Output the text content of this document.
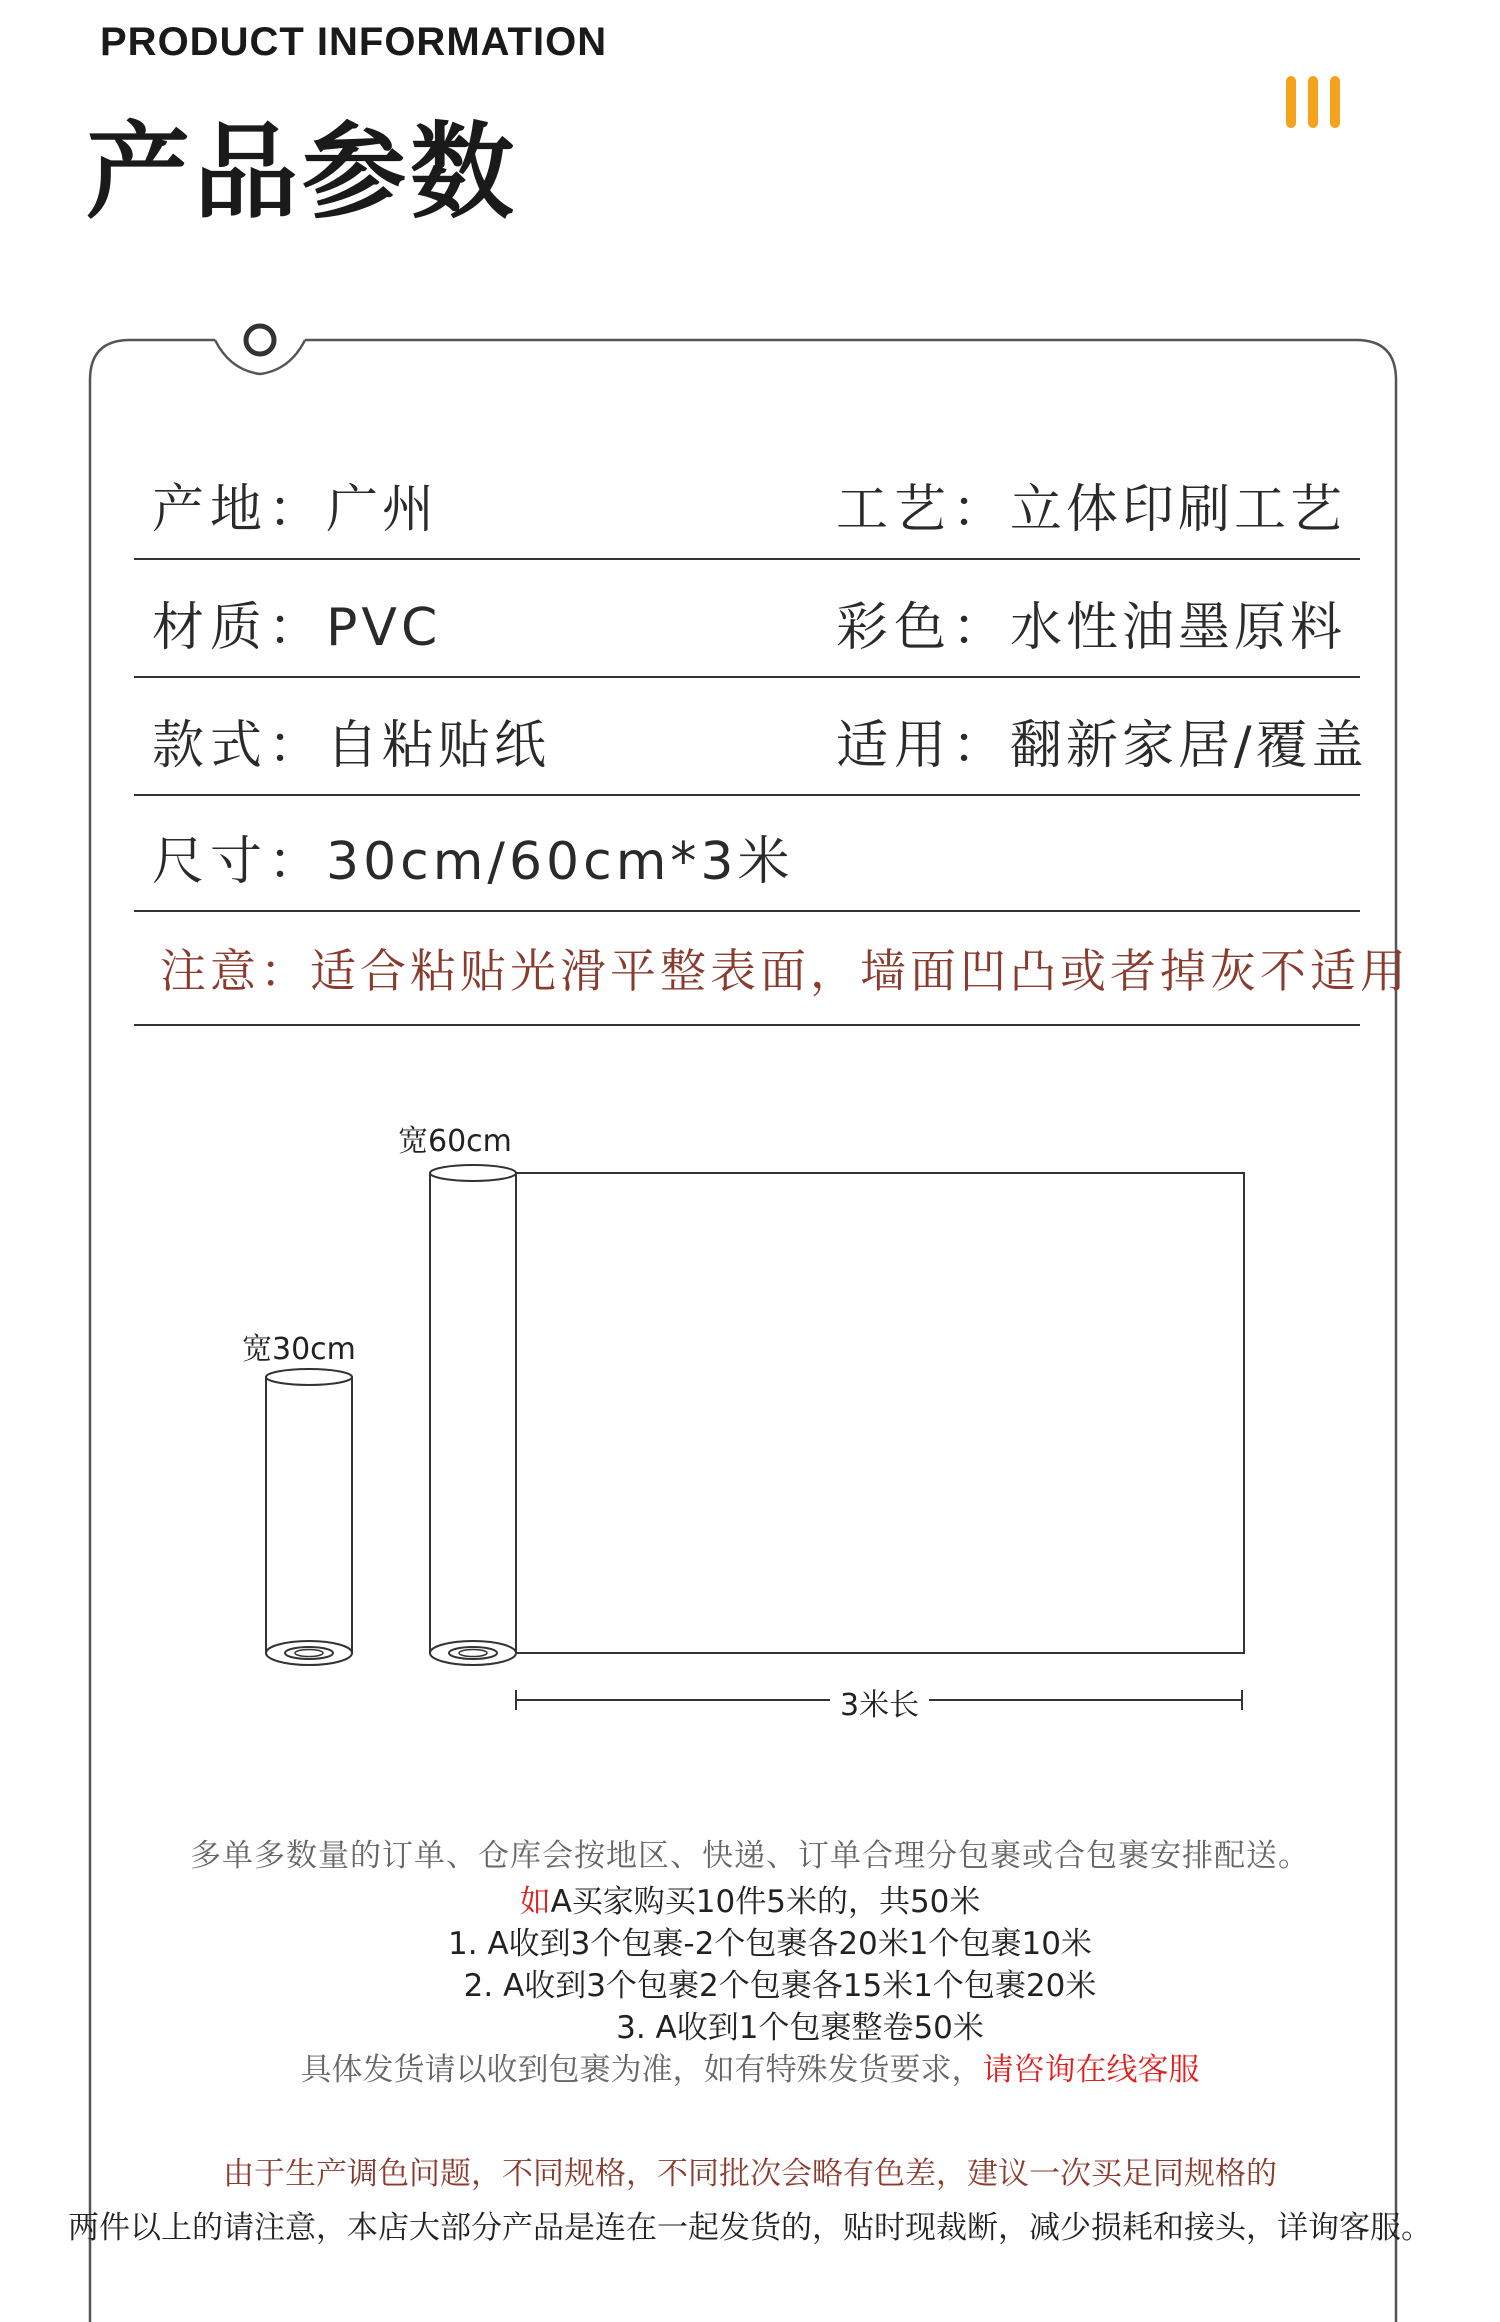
PRODUCT INFORMATION
产品参数
产地：广州	工艺：立体印刷工艺
材质：PVC	彩色：水性油墨原料
款式：自粘贴纸	适用：翻新家居/覆盖
尺寸：30cm/60cm*3米
注意：适合粘贴光滑平整表面，墙面凹凸或者掉灰不适用
宽30cm
宽60cm
3米长
多单多数量的订单、仓库会按地区、快递、订单合理分包裹或合包裹安排配送。
如A买家购买10件5米的，共50米
1. A收到3个包裹-2个包裹各20米1个包裹10米
2. A收到3个包裹2个包裹各15米1个包裹20米
3. A收到1个包裹整卷50米
具体发货请以收到包裹为准，如有特殊发货要求，请咨询在线客服
由于生产调色问题，不同规格，不同批次会略有色差，建议一次买足同规格的
两件以上的请注意，本店大部分产品是连在一起发货的，贴时现裁断，减少损耗和接头，详询客服。
